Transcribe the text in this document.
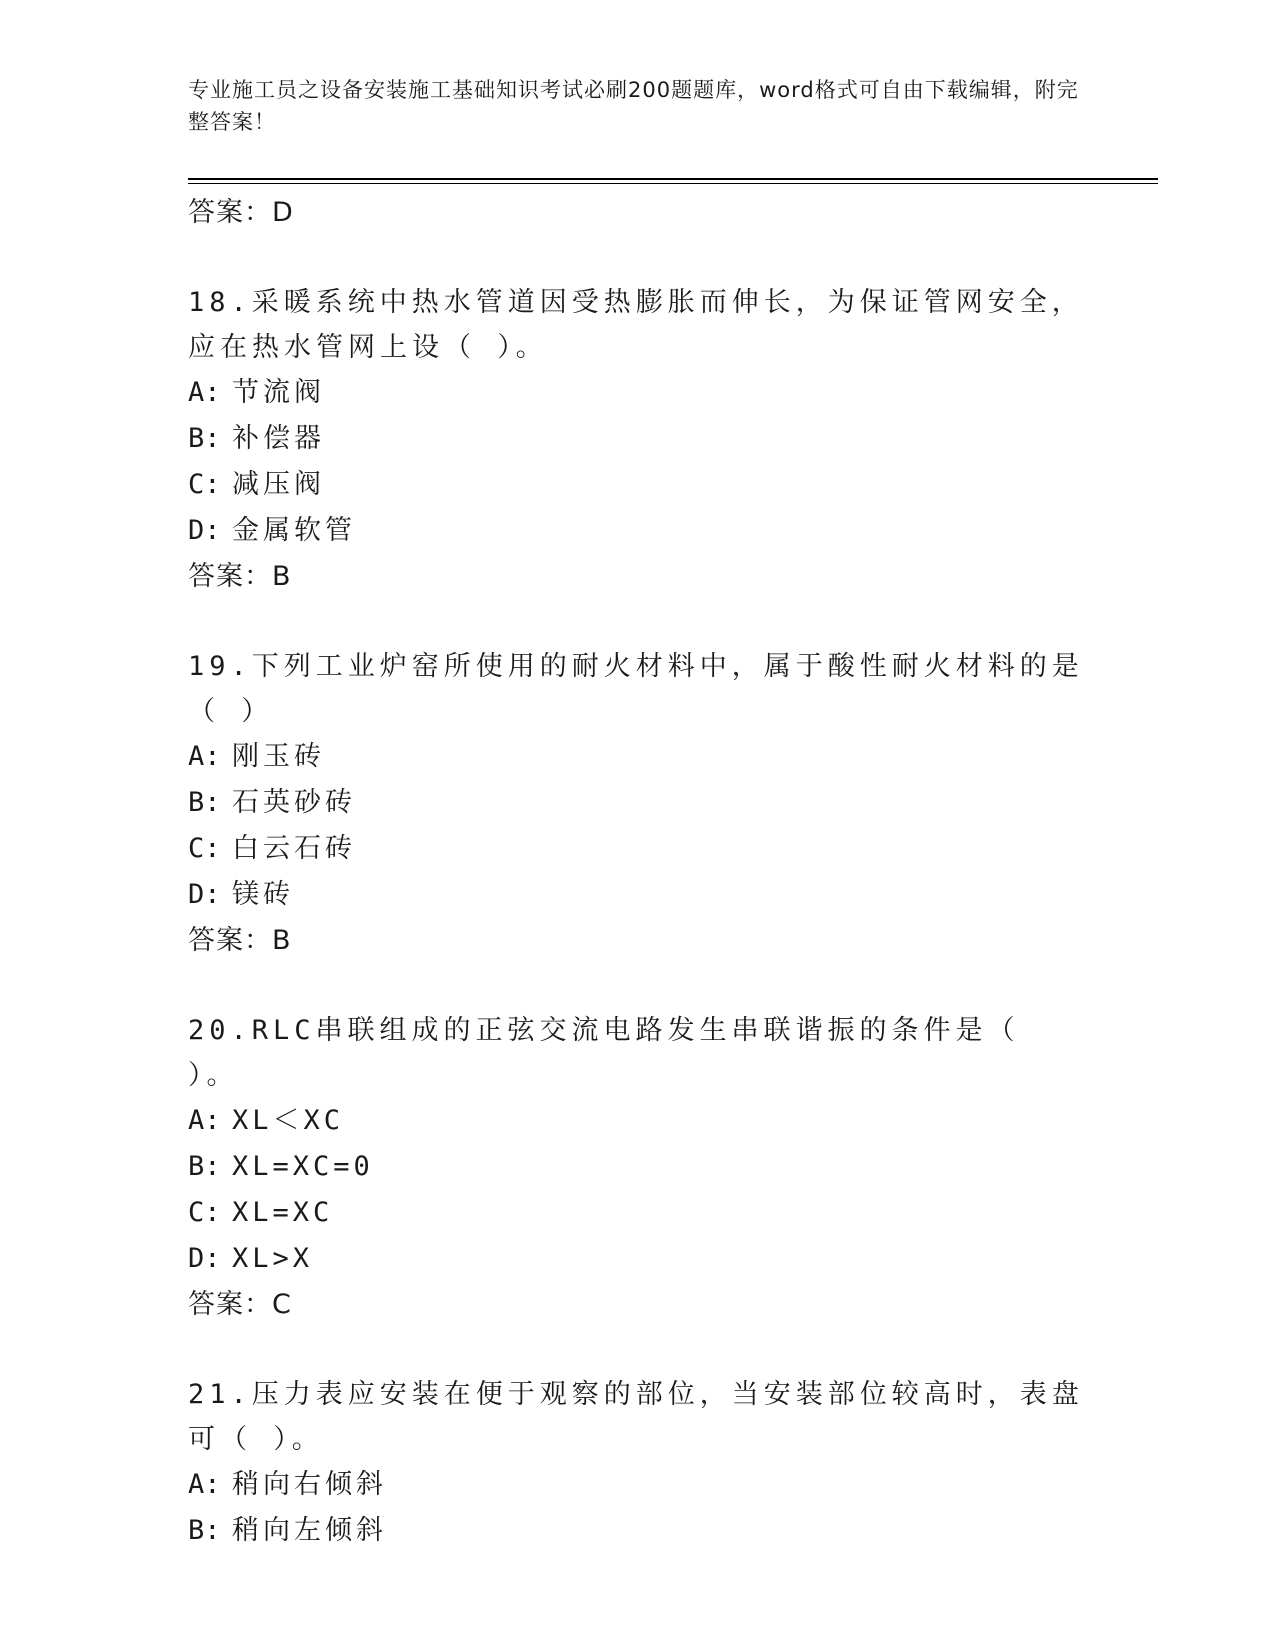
专业施工员之设备安装施工基础知识考试必刷200题题库，word格式可自由下载编辑，附完整答案！
答案：D
18.采暖系统中热水管道因受热膨胀而伸长，为保证管网安全，应在热水管网上设（ ）。
A: 节流阀
B: 补偿器
C: 减压阀
D: 金属软管
答案：B
19.下列工业炉窑所使用的耐火材料中，属于酸性耐火材料的是（ ）
A: 刚玉砖
B: 石英砂砖
C: 白云石砖
D: 镁砖
答案：B
20.RLC串联组成的正弦交流电路发生串联谐振的条件是（ ）。
A: XL＜XC
B: XL=XC=0
C: XL=XC
D: XL>X
答案：C
21.压力表应安装在便于观察的部位，当安装部位较高时，表盘可（ ）。
A: 稍向右倾斜
B: 稍向左倾斜
